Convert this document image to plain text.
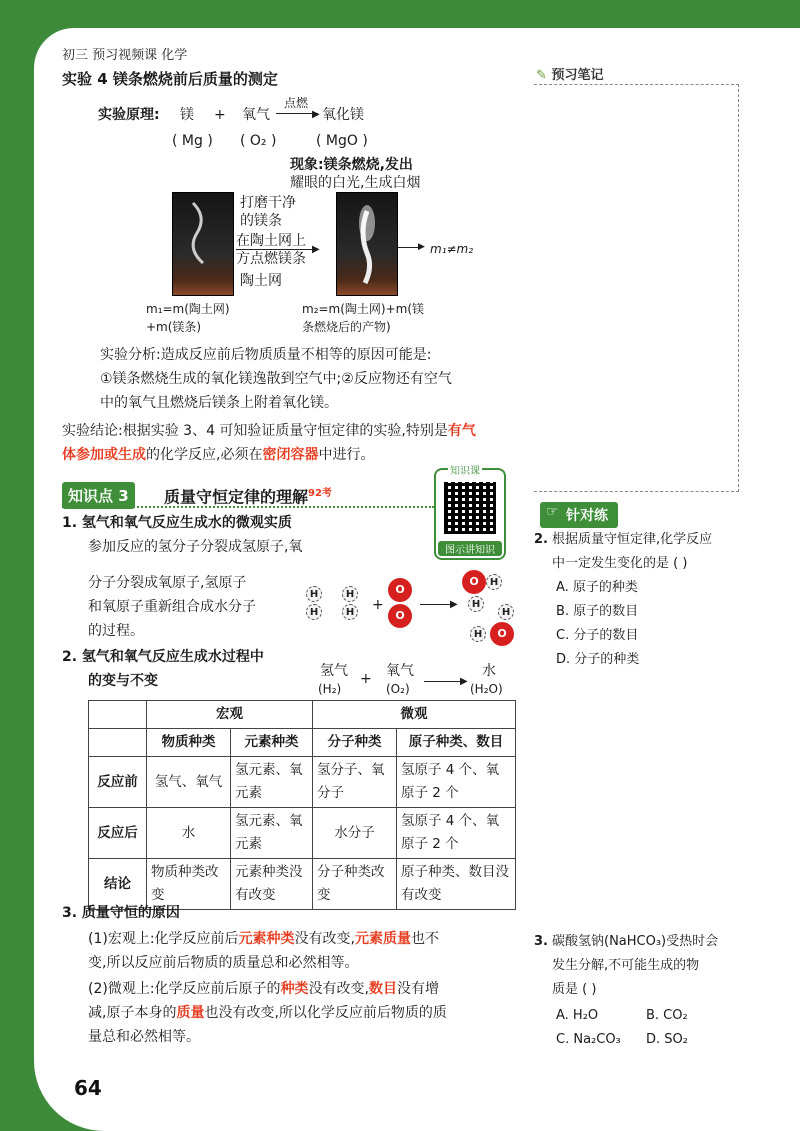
初三 预习视频课 化学
✎ 预习笔记
实验 4 镁条燃烧前后质量的测定
实验原理: 镁 + 氧气
点燃
▶ 氧化镁
( Mg ) ( O₂ )	( MgO )
现象:镁条燃烧,发出
耀眼的白光,生成白烟
打磨干净
的镁条
在陶土网上
方点燃镁条
▶
陶土网
▶ m₁≠m₂
m₁=m(陶土网)
+m(镁条)
m₂=m(陶土网)+m(镁
条燃烧后的产物)
实验分析:造成反应前后物质质量不相等的原因可能是:
①镁条燃烧生成的氧化镁逸散到空气中;②反应物还有空气
中的氧气且燃烧后镁条上附着氧化镁。
实验结论:根据实验 3、4 可知验证质量守恒定律的实验,特别是有气
体参加或生成的化学反应,必须在密闭容器中进行。
知识点 3	质量守恒定律的理解$^{92考}$
知识课
图示讲知识
1. 氢气和氧气反应生成水的微观实质
参加反应的氢分子分裂成氢原子,氧
分子分裂成氧原子,氢原子
和氧原子重新组合成水分子
的过程。
H
H
H
H +
O
O
▶
O	H
H
H
H	O
2. 氢气和氧气反应生成水过程中
的变与不变
氢气
(H₂)
+ 氧气
(O₂)
▶
水
(H₂O)
	宏观		微观	
	物质种类	元素种类	分子种类	原子种类、数目
反应前	氢气、氧气	氢元素、氧元素	氢分子、氧分子	氢原子 4 个、氧原子 2 个
反应后	水	氢元素、氧元素	水分子	氢原子 4 个、氧原子 2 个
结论	物质种类改变	元素种类没有改变	分子种类改变	原子种类、数目没有改变
3. 质量守恒的原因
(1)宏观上:化学反应前后元素种类没有改变,元素质量也不
变,所以反应前后物质的质量总和必然相等。
(2)微观上:化学反应前后原子的种类没有改变,数目没有增
减,原子本身的质量也没有改变,所以化学反应前后物质的质
量总和必然相等。
☞ 针对练
2. 根据质量守恒定律,化学反应
中一定发生变化的是 ( )
A. 原子的种类
B. 原子的数目
C. 分子的数目
D. 分子的种类
3. 碳酸氢钠(NaHCO₃)受热时会
发生分解,不可能生成的物
质是 ( )
A. H₂O	B. CO₂
C. Na₂CO₃ D. SO₂
64
